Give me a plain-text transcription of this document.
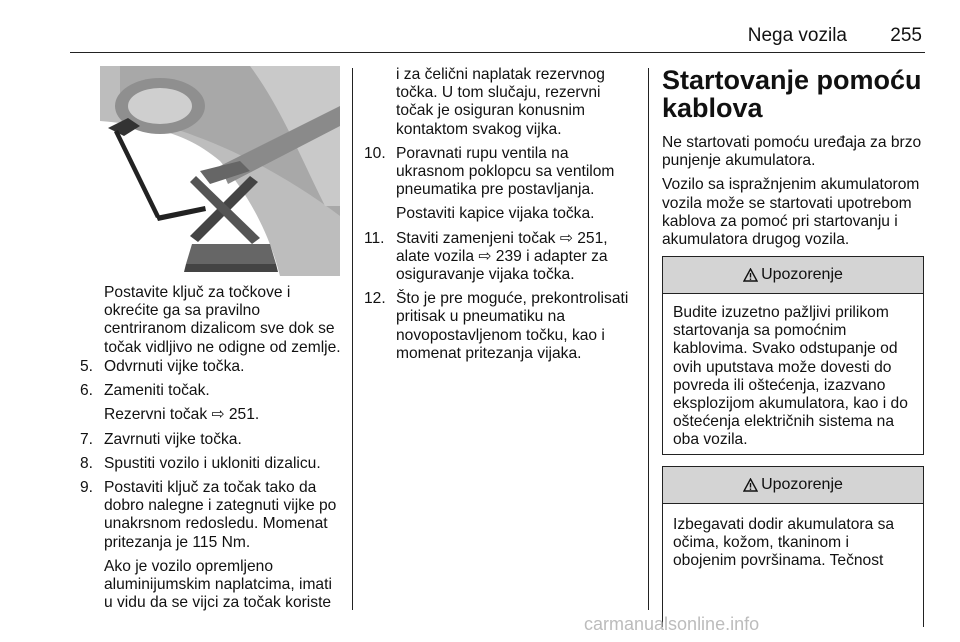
Nega vozila 255

Postavite ključ za točkove i okrećite ga sa pravilno centriranom dizalicom sve dok se točak vidljivo ne odigne od zemlje.

5. Odvrnuti vijke točka.
6. Zameniti točak.

Rezervni točak ⇨ 251.

7. Zavrnuti vijke točka.
8. Spustiti vozilo i ukloniti dizalicu.
9. Postaviti ključ za točak tako da
dobro nalegne i zategnuti vijke po
unakrsnom redosledu. Momenat
pritezanja je 115 Nm.

Ako je vozilo opremljeno
aluminijumskim naplatcima, imati
u vidu da se vijci za točak koriste

i za čelični naplatak rezervnog
točka. U tom slučaju, rezervni
točak je osiguran konusnim
kontaktom svakog vijka.

10. Poravnati rupu ventila na
ukrasnom poklopcu sa ventilom
pneumatika pre postavljanja.

Postaviti kapice vijaka točka.

11. Staviti zamenjeni točak ⇨ 251,
alate vozila ⇨ 239 i adapter za
osiguravanje vijaka točka.
12. Što je pre moguće, prekontrolisati
pritisak u pneumatiku na
novopostavljenom točku, kao i
momenat pritezanja vijaka.
Startovanje pomoću
kablova

Ne startovati pomoću uređaja za brzo
punjenje akumulatora.

Vozilo sa ispražnjenim akumulatorom
vozila može se startovati upotrebom
kablova za pomoć pri startovanju i
akumulatora drugog vozila.

Upozorenje
Budite izuzetno pažljivi prilikom
startovanja sa pomoćnim
kablovima. Svako odstupanje od
ovih uputstava može dovesti do
povreda ili oštećenja, izazvano
eksplozijom akumulatora, kao i do
oštećenja električnih sistema na
oba vozila.
Upozorenje
Izbegavati dodir akumulatora sa
očima, kožom, tkaninom i
obojenim površinama. Tečnost
carmanualsonline.info
